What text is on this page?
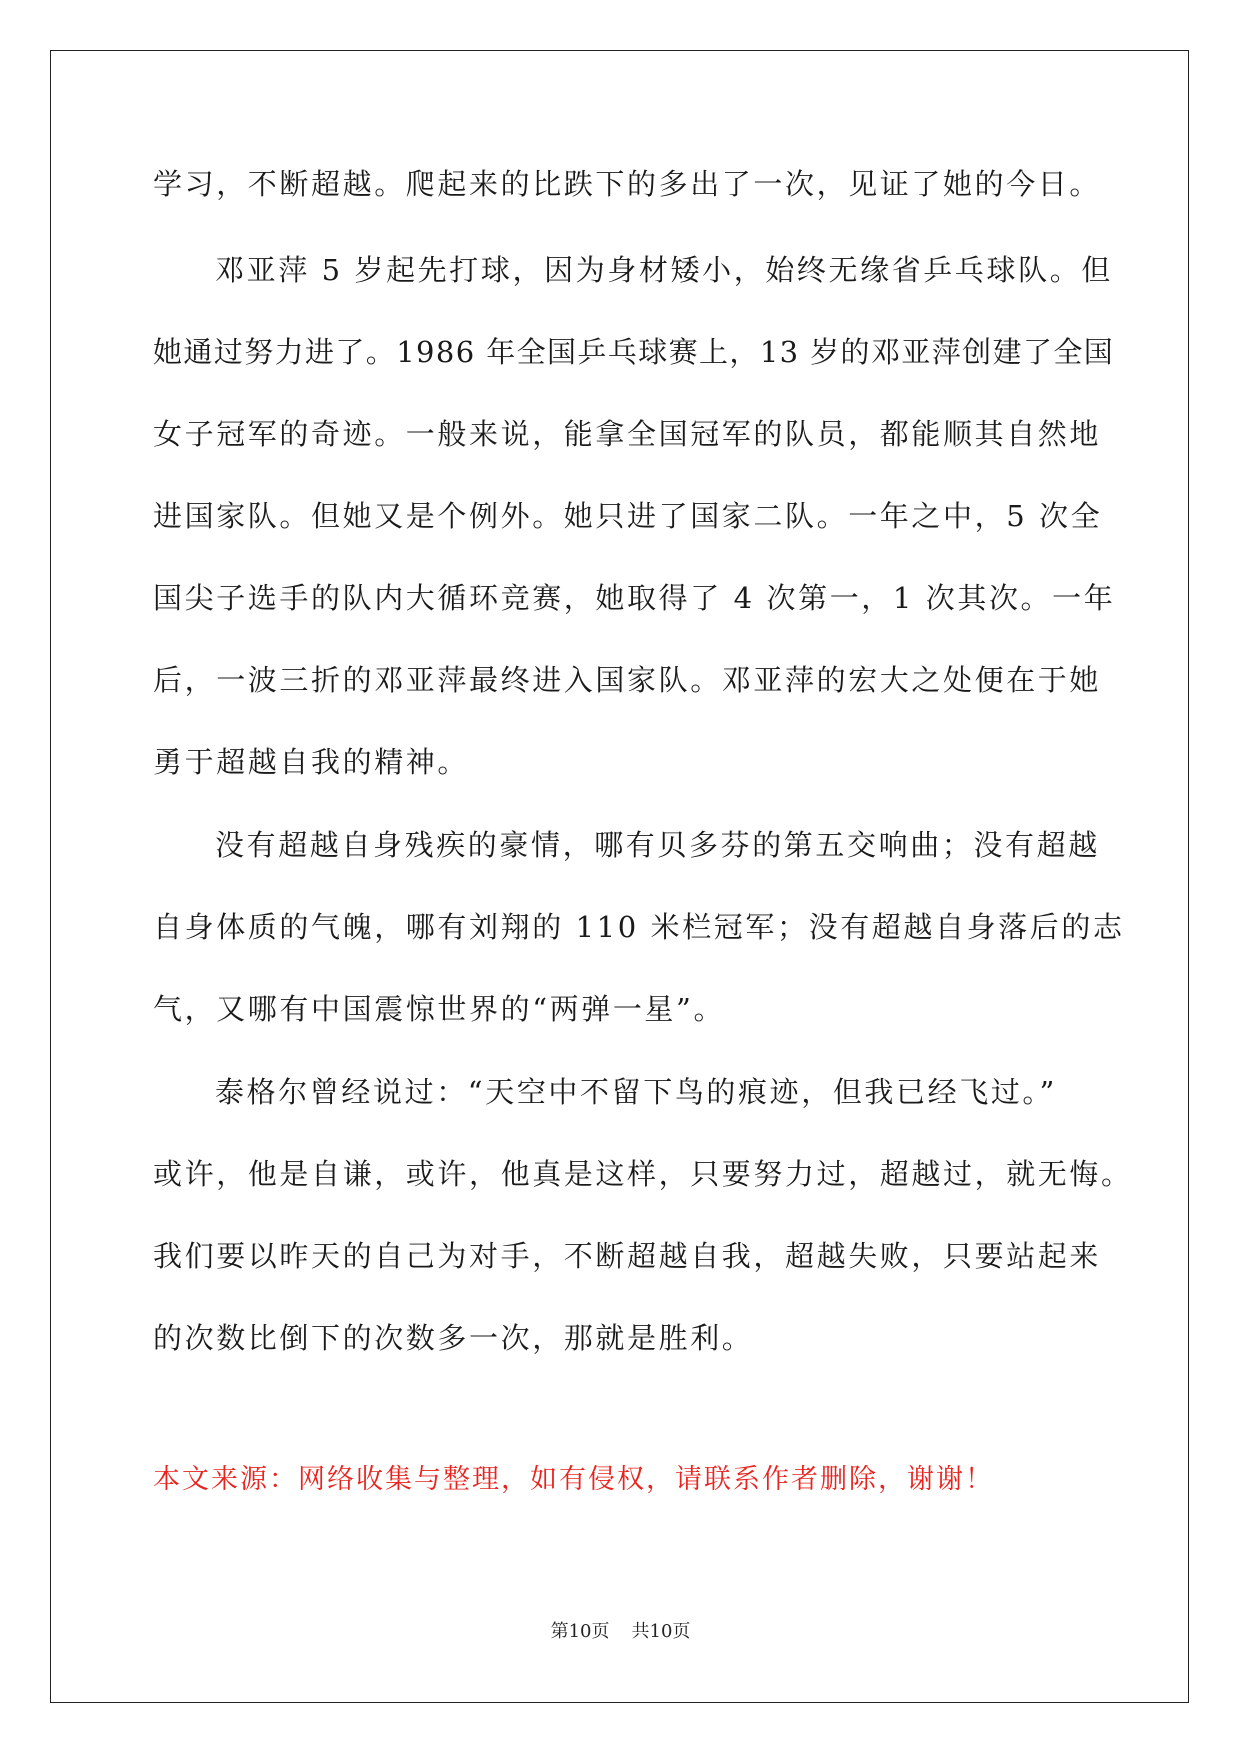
学习，不断超越。爬起来的比跌下的多出了一次，见证了她的今日。
邓亚萍 5 岁起先打球，因为身材矮小，始终无缘省乒乓球队。但
她通过努力进了。1986 年全国乒乓球赛上，13 岁的邓亚萍创建了全国
女子冠军的奇迹。一般来说，能拿全国冠军的队员，都能顺其自然地
进国家队。但她又是个例外。她只进了国家二队。一年之中，5 次全
国尖子选手的队内大循环竞赛，她取得了 4 次第一，1 次其次。一年
后，一波三折的邓亚萍最终进入国家队。邓亚萍的宏大之处便在于她
勇于超越自我的精神。
没有超越自身残疾的豪情，哪有贝多芬的第五交响曲；没有超越
自身体质的气魄，哪有刘翔的 110 米栏冠军；没有超越自身落后的志
气，又哪有中国震惊世界的“两弹一星”。
泰格尔曾经说过：“天空中不留下鸟的痕迹，但我已经飞过。”
或许，他是自谦，或许，他真是这样，只要努力过，超越过，就无悔。
我们要以昨天的自己为对手，不断超越自我，超越失败，只要站起来
的次数比倒下的次数多一次，那就是胜利。
本文来源：网络收集与整理，如有侵权，请联系作者删除，谢谢！
第10页 共10页
